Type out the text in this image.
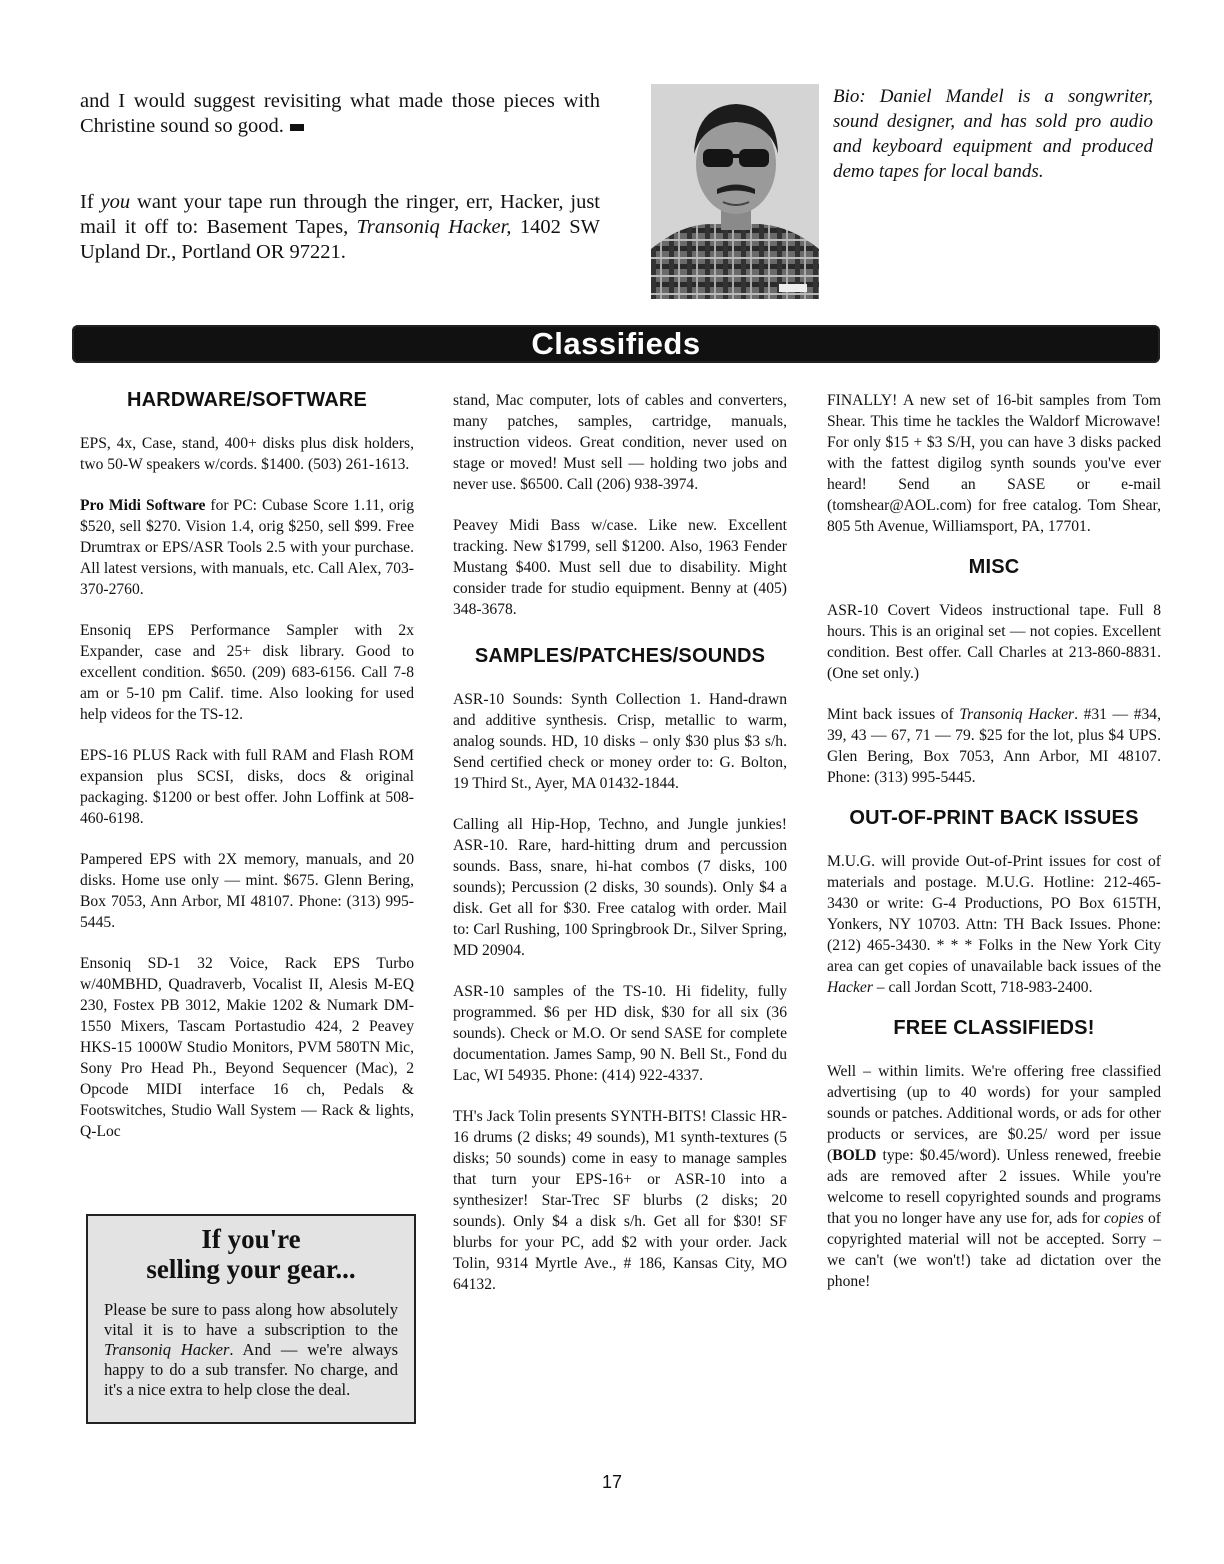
and I would suggest revisiting what made those pieces with Christine sound so good.

If you want your tape run through the ringer, err, Hacker, just mail it off to: Basement Tapes, Transoniq Hacker, 1402 SW Upland Dr., Portland OR 97221.

Bio: Daniel Mandel is a songwriter, sound designer, and has sold pro audio and keyboard equipment and produced demo tapes for local bands.
Classifieds
HARDWARE/SOFTWARE

EPS, 4x, Case, stand, 400+ disks plus disk holders, two 50-W speakers w/cords. $1400. (503) 261-1613.

Pro Midi Software for PC: Cubase Score 1.11, orig $520, sell $270. Vision 1.4, orig $250, sell $99. Free Drumtrax or EPS/ASR Tools 2.5 with your purchase. All latest versions, with manuals, etc. Call Alex, 703-370-2760.

Ensoniq EPS Performance Sampler with 2x Expander, case and 25+ disk library. Good to excellent condition. $650. (209) 683-6156. Call 7-8 am or 5-10 pm Calif. time. Also looking for used help videos for the TS-12.

EPS-16 PLUS Rack with full RAM and Flash ROM expansion plus SCSI, disks, docs & original packaging. $1200 or best offer. John Loffink at 508-460-6198.

Pampered EPS with 2X memory, manuals, and 20 disks. Home use only — mint. $675. Glenn Bering, Box 7053, Ann Arbor, MI 48107. Phone: (313) 995-5445.

Ensoniq SD-1 32 Voice, Rack EPS Turbo w/40MBHD, Quadraverb, Vocalist II, Alesis M-EQ 230, Fostex PB 3012, Makie 1202 & Numark DM-1550 Mixers, Tascam Portastudio 424, 2 Peavey HKS-15 1000W Studio Monitors, PVM 580TN Mic, Sony Pro Head Ph., Beyond Sequencer (Mac), 2 Opcode MIDI interface 16 ch, Pedals & Footswitches, Studio Wall System — Rack & lights, Q-Loc

If you're
selling your gear...
Please be sure to pass along how absolutely vital it is to have a subscription to the Transoniq Hacker. And — we're always happy to do a sub transfer. No charge, and it's a nice extra to help close the deal.

stand, Mac computer, lots of cables and converters, many patches, samples, cartridge, manuals, instruction videos. Great condition, never used on stage or moved! Must sell — holding two jobs and never use. $6500. Call (206) 938-3974.

Peavey Midi Bass w/case. Like new. Excellent tracking. New $1799, sell $1200. Also, 1963 Fender Mustang $400. Must sell due to disability. Might consider trade for studio equipment. Benny at (405) 348-3678.

SAMPLES/PATCHES/SOUNDS

ASR-10 Sounds: Synth Collection 1. Hand-drawn and additive synthesis. Crisp, metallic to warm, analog sounds. HD, 10 disks – only $30 plus $3 s/h. Send certified check or money order to: G. Bolton, 19 Third St., Ayer, MA 01432-1844.

Calling all Hip-Hop, Techno, and Jungle junkies! ASR-10. Rare, hard-hitting drum and percussion sounds. Bass, snare, hi-hat combos (7 disks, 100 sounds); Percussion (2 disks, 30 sounds). Only $4 a disk. Get all for $30. Free catalog with order. Mail to: Carl Rushing, 100 Springbrook Dr., Silver Spring, MD 20904.

ASR-10 samples of the TS-10. Hi fidelity, fully programmed. $6 per HD disk, $30 for all six (36 sounds). Check or M.O. Or send SASE for complete documentation. James Samp, 90 N. Bell St., Fond du Lac, WI 54935. Phone: (414) 922-4337.

TH's Jack Tolin presents SYNTH-BITS! Classic HR-16 drums (2 disks; 49 sounds), M1 synth-textures (5 disks; 50 sounds) come in easy to manage samples that turn your EPS-16+ or ASR-10 into a synthesizer! Star-Trec SF blurbs (2 disks; 20 sounds). Only $4 a disk s/h. Get all for $30! SF blurbs for your PC, add $2 with your order. Jack Tolin, 9314 Myrtle Ave., # 186, Kansas City, MO 64132.

FINALLY! A new set of 16-bit samples from Tom Shear. This time he tackles the Waldorf Microwave! For only $15 + $3 S/H, you can have 3 disks packed with the fattest digilog synth sounds you've ever heard! Send an SASE or e-mail (tomshear@AOL.com) for free catalog. Tom Shear, 805 5th Avenue, Williamsport, PA, 17701.

MISC

ASR-10 Covert Videos instructional tape. Full 8 hours. This is an original set — not copies. Excellent condition. Best offer. Call Charles at 213-860-8831. (One set only.)

Mint back issues of Transoniq Hacker. #31 — #34, 39, 43 — 67, 71 — 79. $25 for the lot, plus $4 UPS. Glen Bering, Box 7053, Ann Arbor, MI 48107. Phone: (313) 995-5445.

OUT-OF-PRINT BACK ISSUES

M.U.G. will provide Out-of-Print issues for cost of materials and postage. M.U.G. Hotline: 212-465-3430 or write: G-4 Productions, PO Box 615TH, Yonkers, NY 10703. Attn: TH Back Issues. Phone: (212) 465-3430. * * * Folks in the New York City area can get copies of unavailable back issues of the Hacker – call Jordan Scott, 718-983-2400.

FREE CLASSIFIEDS!

Well – within limits. We're offering free classified advertising (up to 40 words) for your sampled sounds or patches. Additional words, or ads for other products or services, are $0.25/ word per issue (BOLD type: $0.45/word). Unless renewed, freebie ads are removed after 2 issues. While you're welcome to resell copyrighted sounds and programs that you no longer have any use for, ads for copies of copyrighted material will not be accepted. Sorry – we can't (we won't!) take ad dictation over the phone!

17
